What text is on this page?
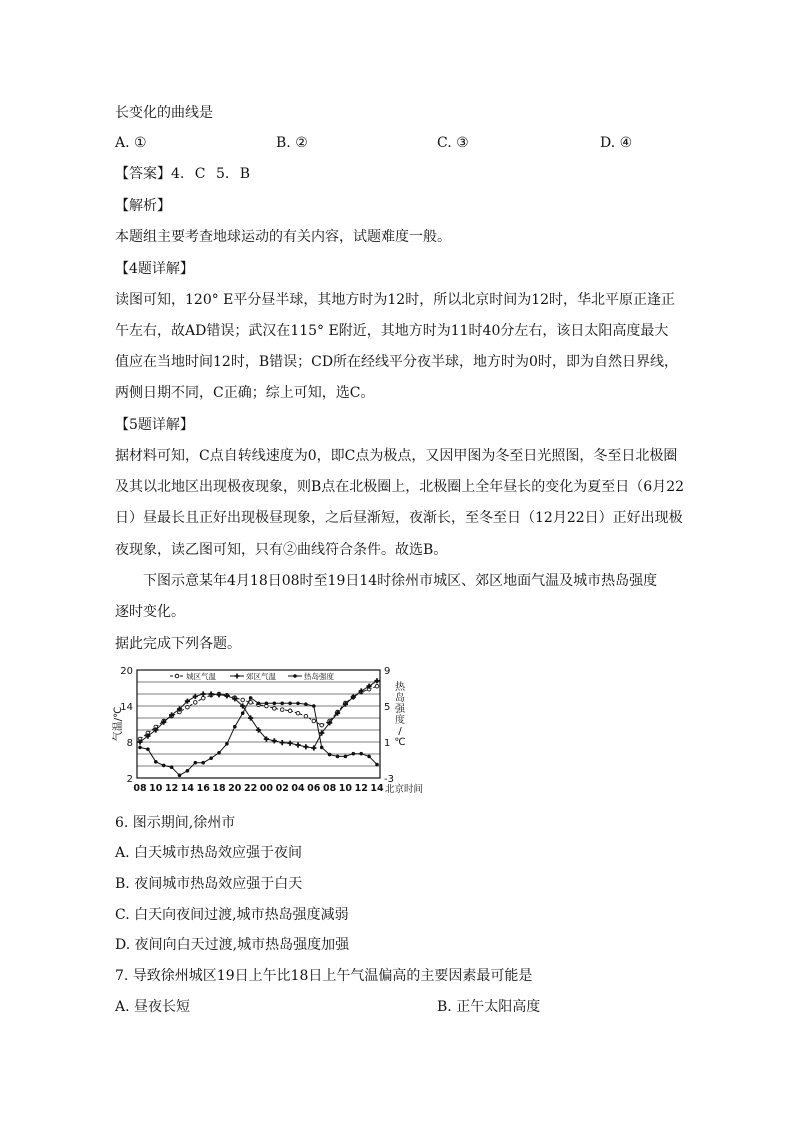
长变化的曲线是
A. ①	B. ②	C. ③	D. ④
【答案】4. C 5. B
【解析】
本题组主要考查地球运动的有关内容，试题难度一般。
【4题详解】
读图可知，120° E平分昼半球，其地方时为12时，所以北京时间为12时，华北平原正逢正
午左右，故AD错误；武汉在115° E附近，其地方时为11时40分左右，该日太阳高度最大
值应在当地时间12时，B错误；CD所在经线平分夜半球，地方时为0时，即为自然日界线，
两侧日期不同，C正确；综上可知，选C。
【5题详解】
据材料可知，C点自转线速度为0，即C点为极点，又因甲图为冬至日光照图，冬至日北极圈
及其以北地区出现极夜现象，则B点在北极圈上，北极圈上全年昼长的变化为夏至日（6月22
日）昼最长且正好出现极昼现象，之后昼渐短，夜渐长，至冬至日（12月22日）正好出现极
夜现象，读乙图可知，只有②曲线符合条件。故选B。
下图示意某年4月18日08时至19日14时徐州市城区、郊区地面气温及城市热岛强度
逐时变化。
据此完成下列各题。
2
8
14
20
-3
1
5
9
08 10 12 14 16 18 20 22 00 02 04 06 08 10 12 14 北京时间
气温/℃
热岛强度/ ℃
城区气温	郊区气温	热岛强度
6. 图示期间,徐州市
A. 白天城市热岛效应强于夜间
B. 夜间城市热岛效应强于白天
C. 白天向夜间过渡,城市热岛强度减弱
D. 夜间向白天过渡,城市热岛强度加强
7. 导致徐州城区19日上午比18日上午气温偏高的主要因素最可能是
A. 昼夜长短	B. 正午太阳高度
